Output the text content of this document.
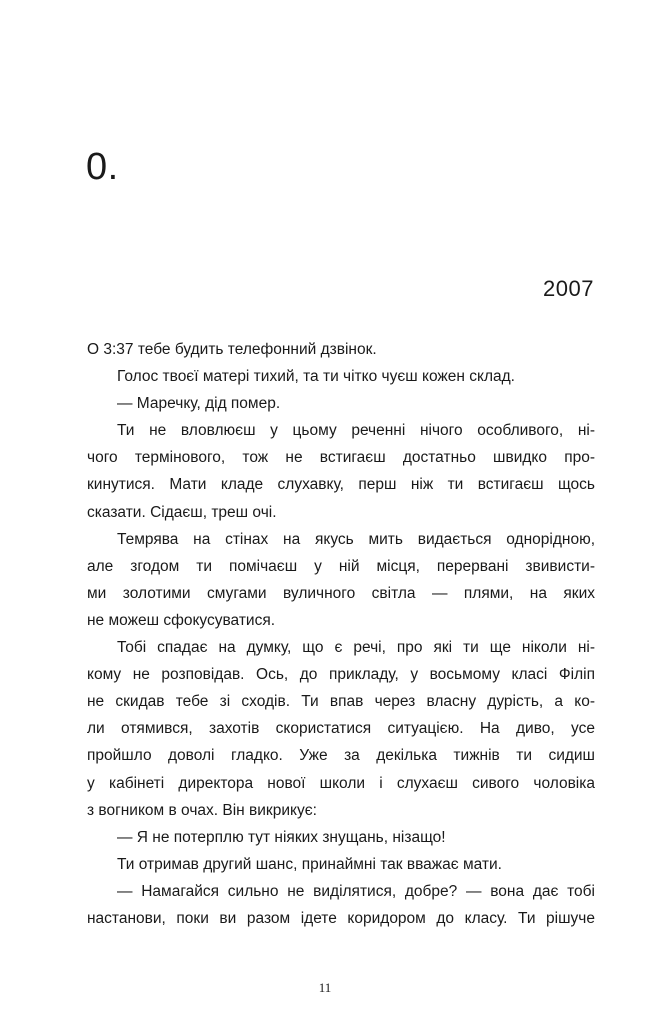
0.
2007
О 3:37 тебе будить телефонний дзвінок.
Голос твоєї матері тихий, та ти чітко чуєш кожен склад.
— Маречку, дід помер.
Ти не вловлюєш у цьому реченні нічого особливого, ні-
чого термінового, тож не встигаєш достатньо швидко про-
кинутися. Мати кладе слухавку, перш ніж ти встигаєш щось
сказати. Сідаєш, треш очі.
Темрява на стінах на якусь мить видається однорідною,
але згодом ти помічаєш у ній місця, перервані звивисти-
ми золотими смугами вуличного світла — плями, на яких
не можеш сфокусуватися.
Тобі спадає на думку, що є речі, про які ти ще ніколи ні-
кому не розповідав. Ось, до прикладу, у восьмому класі Філіп
не скидав тебе зі сходів. Ти впав через власну дурість, а ко-
ли отямився, захотів скористатися ситуацією. На диво, усе
пройшло доволі гладко. Уже за декілька тижнів ти сидиш
у кабінеті директора нової школи і слухаєш сивого чоловіка
з вогником в очах. Він викрикує:
— Я не потерплю тут ніяких знущань, нізащо!
Ти отримав другий шанс, принаймні так вважає мати.
— Намагайся сильно не виділятися, добре? — вона дає тобі
настанови, поки ви разом ідете коридором до класу. Ти рішуче
11
